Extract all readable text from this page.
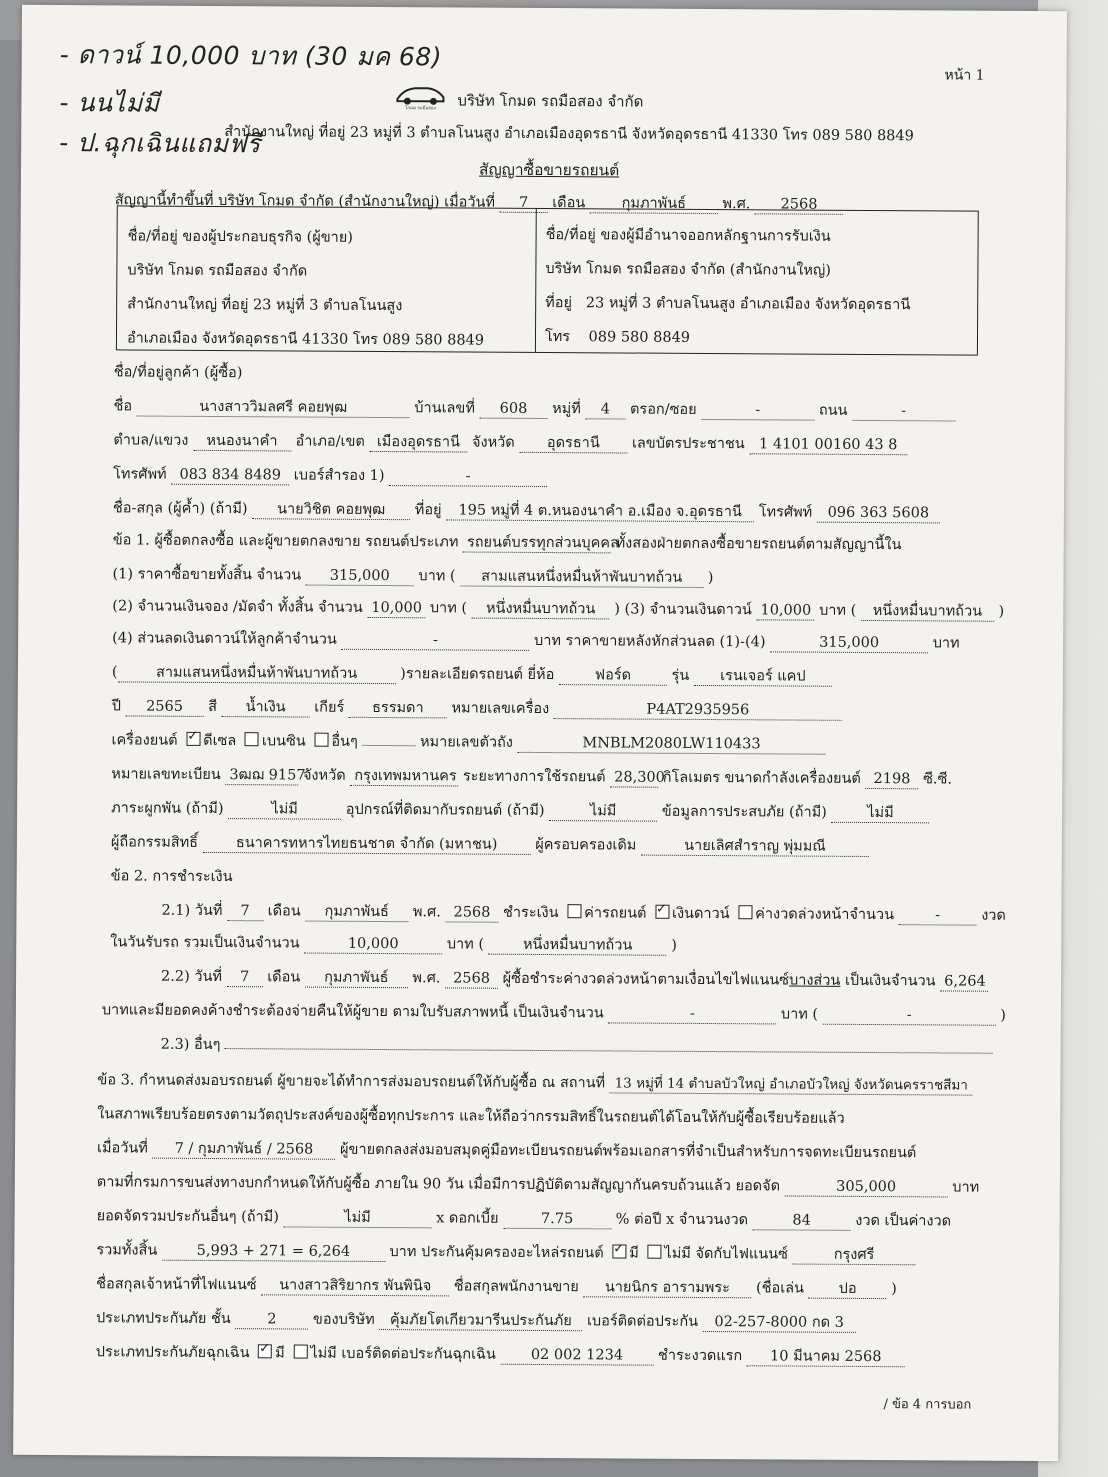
- ดาวน์ 10,000 บาท (30 มค 68)
- นนไม่มี
- ป.ฉุกเฉินแถมฟรี
หน้า 1
โกมด รถมือสอง บริษัท โกมด รถมือสอง จำกัด
สำนักงานใหญ่ ที่อยู่ 23 หมู่ที่ 3 ตำบลโนนสูง อำเภอเมืองอุดรธานี จังหวัดอุดรธานี 41330 โทร 089 580 8849
สัญญาซื้อขายรถยนต์
สัญญานี้ทำขึ้นที่ บริษัท โกมด จำกัด (สำนักงานใหญ่) เมื่อวันที่ 7 เดือน	กุมภาพันธ์	พ.ศ. 2568
ชื่อ/ที่อยู่ ของผู้ประกอบธุรกิจ (ผู้ขาย)
บริษัท โกมด รถมือสอง จำกัด
สำนักงานใหญ่ ที่อยู่ 23 หมู่ที่ 3 ตำบลโนนสูง
อำเภอเมือง จังหวัดอุดรธานี 41330 โทร 089 580 8849
ชื่อ/ที่อยู่ ของผู้มีอำนาจออกหลักฐานการรับเงิน
บริษัท โกมด รถมือสอง จำกัด (สำนักงานใหญ่)
ที่อยู่ 23 หมู่ที่ 3 ตำบลโนนสูง อำเภอเมือง จังหวัดอุดรธานี
โทร 089 580 8849
ชื่อ/ที่อยู่ลูกค้า (ผู้ซื้อ)
ชื่อ	นางสาววิมลศรี คอยพุฒ	บ้านเลขที่ 608 หมู่ที่ 4 ตรอก/ซอย	-	ถนน	-
ตำบล/แขวง หนองนาคำ อำเภอ/เขต เมืองอุดรธานี จังหวัด อุดรธานี เลขบัตรประชาชน 1 4101 00160 43 8
โทรศัพท์ 083 834 8489 เบอร์สำรอง 1)	-
ชื่อ-สกุล (ผู้ค้ำ) (ถ้ามี) นายวิชิต คอยพุฒ ที่อยู่ 195 หมู่ที่ 4 ต.หนองนาคำ อ.เมือง จ.อุดรธานี โทรศัพท์ 096 363 5608
ข้อ 1. ผู้ซื้อตกลงซื้อ และผู้ขายตกลงขาย รถยนต์ประเภท รถยนต์บรรทุกส่วนบุคคล ทั้งสองฝ่ายตกลงซื้อขายรถยนต์ตามสัญญานี้ใน
(1) ราคาซื้อขายทั้งสิ้น จำนวน 315,000 บาท ( สามแสนหนึ่งหมื่นห้าพันบาทถ้วน )
(2) จำนวนเงินจอง /มัดจำ ทั้งสิ้น จำนวน 10,000 บาท ( หนึ่งหมื่นบาทถ้วน ) (3) จำนวนเงินดาวน์ 10,000 บาท ( หนึ่งหมื่นบาทถ้วน )
(4) ส่วนลดเงินดาวน์ให้ลูกค้าจำนวน	-	บาท ราคาขายหลังหักส่วนลด (1)-(4)	315,000	บาท
(	สามแสนหนึ่งหมื่นห้าพันบาทถ้วน	)รายละเอียดรถยนต์ ยี่ห้อ	ฟอร์ด	รุ่น เรนเจอร์ แคป
ปี 2565 สี น้ำเงิน เกียร์ ธรรมดา หมายเลขเครื่อง	P4AT2935956
เครื่องยนต์ ✓ ดีเซล เบนซิน อื่นๆ	หมายเลขตัวถัง	MNBLM2080LW110433
หมายเลขทะเบียน 3ฒฌ 9157 จังหวัด กรุงเทพมหานคร ระยะทางการใช้รถยนต์ 28,300 กิโลเมตร ขนาดกำลังเครื่องยนต์ 2198 ซี.ซี.
ภาระผูกพัน (ถ้ามี)	ไม่มี	อุปกรณ์ที่ติดมากับรถยนต์ (ถ้ามี)	ไม่มี	ข้อมูลการประสบภัย (ถ้ามี)	ไม่มี
ผู้ถือกรรมสิทธิ์	ธนาคารทหารไทยธนชาต จำกัด (มหาชน)	ผู้ครอบครองเดิม	นายเลิศสำราญ พุ่มมณี
ข้อ 2. การชำระเงิน
2.1) วันที่ 7 เดือน กุมภาพันธ์ พ.ศ. 2568 ชำระเงิน ค่ารถยนต์ ✓ เงินดาวน์ ค่างวดล่วงหน้าจำนวน	-	งวด
ในวันรับรถ รวมเป็นเงินจำนวน	10,000	บาท ( หนึ่งหมื่นบาทถ้วน )
2.2) วันที่ 7 เดือน กุมภาพันธ์ พ.ศ. 2568 ผู้ซื้อชำระค่างวดล่วงหน้าตามเงื่อนไขไฟแนนซ์บางส่วน เป็นเงินจำนวน 6,264
บาทและมียอดคงค้างชำระต้องจ่ายคืนให้ผู้ขาย ตามใบรับสภาพหนี้ เป็นเงินจำนวน	-	บาท (	-	)
2.3) อื่นๆ
ข้อ 3. กำหนดส่งมอบรถยนต์ ผู้ขายจะได้ทำการส่งมอบรถยนต์ให้กับผู้ซื้อ ณ สถานที่ 13 หมู่ที่ 14 ตำบลบัวใหญ่ อำเภอบัวใหญ่ จังหวัดนครราชสีมา
ในสภาพเรียบร้อยตรงตามวัตถุประสงค์ของผู้ซื้อทุกประการ และให้ถือว่ากรรมสิทธิ์ในรถยนต์ได้โอนให้กับผู้ซื้อเรียบร้อยแล้ว
เมื่อวันที่ 7 / กุมภาพันธ์ / 2568 ผู้ขายตกลงส่งมอบสมุดคู่มือทะเบียนรถยนต์พร้อมเอกสารที่จำเป็นสำหรับการจดทะเบียนรถยนต์
ตามที่กรมการขนส่งทางบกกำหนดให้กับผู้ซื้อ ภายใน 90 วัน เมื่อมีการปฏิบัติตามสัญญากันครบถ้วนแล้ว ยอดจัด	305,000	บาท
ยอดจัดรวมประกันอื่นๆ (ถ้ามี)	ไม่มี	x ดอกเบี้ย	7.75	% ต่อปี x จำนวนงวด	84	งวด เป็นค่างวด
รวมทั้งสิ้น	5,993 + 271 = 6,264	บาท ประกันคุ้มครองอะไหล่รถยนต์ ✓ มี ไม่มี จัดกับไฟแนนซ์	กรุงศรี
ชื่อสกุลเจ้าหน้าที่ไฟแนนซ์ นางสาวสิริยากร พันพินิจ ชื่อสกุลพนักงานขาย นายนิกร อารามพระ (ชื่อเล่น ปอ )
ประเภทประกันภัย ชั้น	2	ของบริษัท คุ้มภัยโตเกียวมารีนประกันภัย เบอร์ติดต่อประกัน 02-257-8000 กด 3
ประเภทประกันภัยฉุกเฉิน ✓ มี ไม่มี เบอร์ติดต่อประกันฉุกเฉิน 02 002 1234 ชำระงวดแรก 10 มีนาคม 2568
/ ข้อ 4 การบอก
